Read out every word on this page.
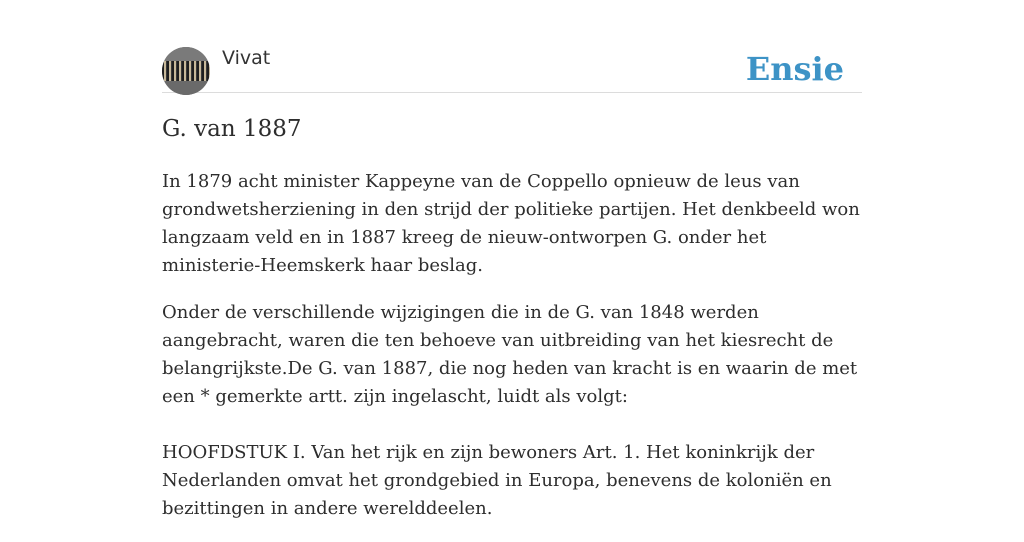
Vivat	Ensie
G. van 1887

In 1879 acht minister Kappeyne van de Coppello opnieuw de leus van grondwetsherziening in den strijd der politieke partijen. Het denkbeeld won langzaam veld en in 1887 kreeg de nieuw-ontworpen G. onder het ministerie-Heemskerk haar beslag.

Onder de verschillende wijzigingen die in de G. van 1848 werden aangebracht, waren die ten behoeve van uitbreiding van het kiesrecht de belangrijkste.De G. van 1887, die nog heden van kracht is en waarin de met een * gemerkte artt. zijn ingelascht, luidt als volgt:

HOOFDSTUK I. Van het rijk en zijn bewoners Art. 1. Het koninkrijk der Nederlanden omvat het grondgebied in Europa, benevens de koloniën en bezittingen in andere werelddeelen.
